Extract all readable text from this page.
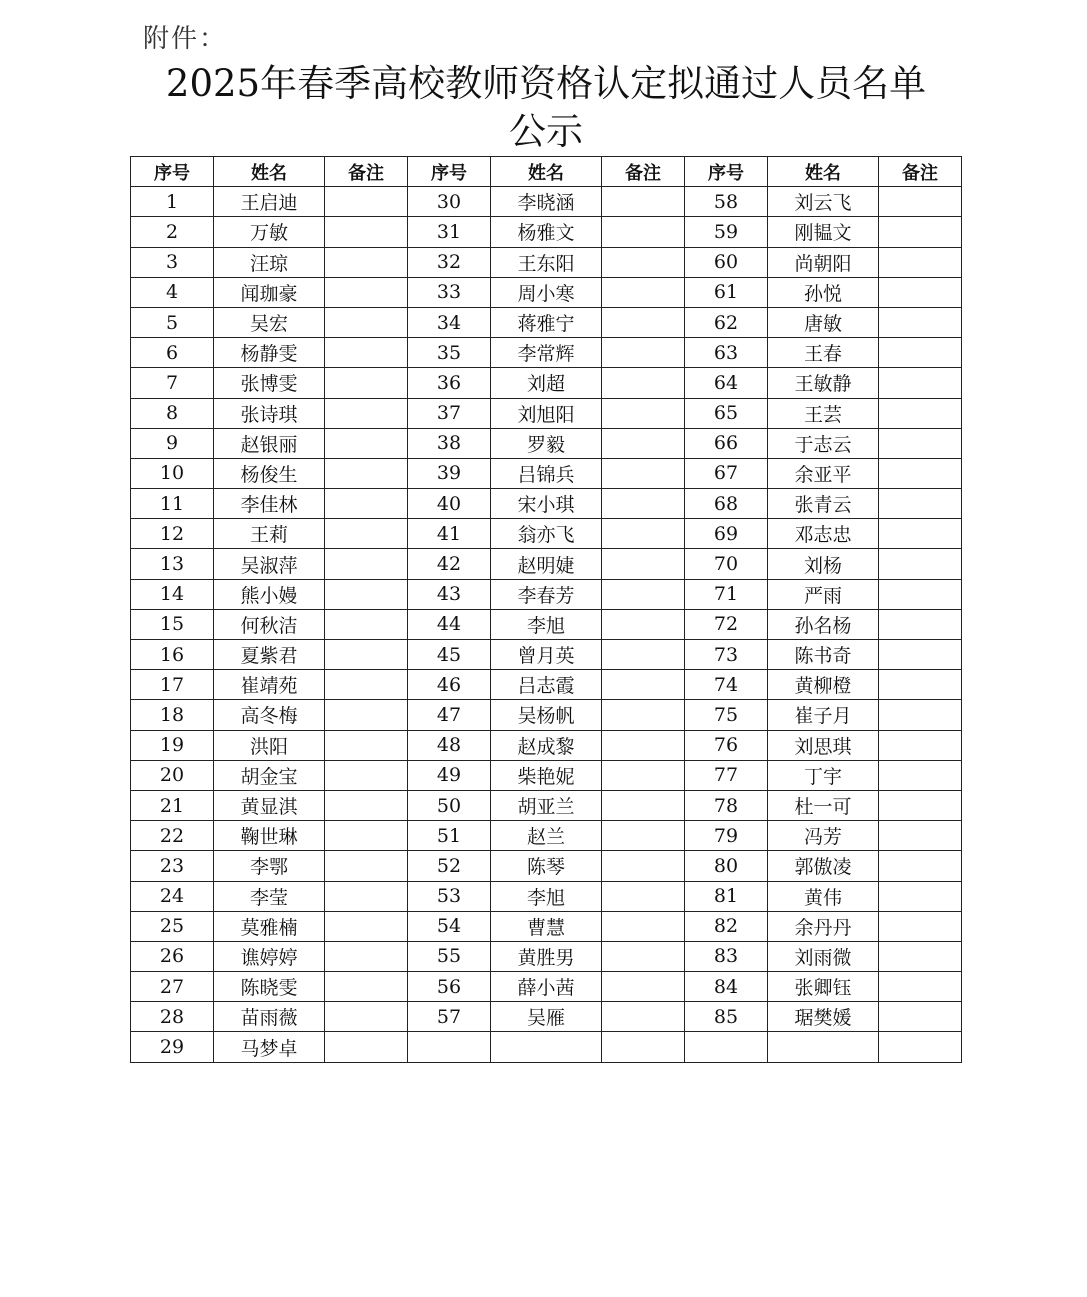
附件：
2025年春季高校教师资格认定拟通过人员名单
公示
序号	姓名	备注	序号	姓名	备注	序号	姓名	备注
1	王启迪		30	李晓涵		58	刘云飞	
2	万敏		31	杨雅文		59	刚韫文	
3	汪琼		32	王东阳		60	尚朝阳	
4	闻珈豪		33	周小寒		61	孙悦	
5	吴宏		34	蒋雅宁		62	唐敏	
6	杨静雯		35	李常辉		63	王春	
7	张博雯		36	刘超		64	王敏静	
8	张诗琪		37	刘旭阳		65	王芸	
9	赵银丽		38	罗毅		66	于志云	
10	杨俊生		39	吕锦兵		67	余亚平	
11	李佳林		40	宋小琪		68	张青云	
12	王莉		41	翁亦飞		69	邓志忠	
13	吴淑萍		42	赵明婕		70	刘杨	
14	熊小嫚		43	李春芳		71	严雨	
15	何秋洁		44	李旭		72	孙名杨	
16	夏紫君		45	曾月英		73	陈书奇	
17	崔靖苑		46	吕志霞		74	黄柳橙	
18	高冬梅		47	吴杨帆		75	崔子月	
19	洪阳		48	赵成黎		76	刘思琪	
20	胡金宝		49	柴艳妮		77	丁宇	
21	黄显淇		50	胡亚兰		78	杜一可	
22	鞠世琳		51	赵兰		79	冯芳	
23	李鄂		52	陈琴		80	郭傲凌	
24	李莹		53	李旭		81	黄伟	
25	莫雅楠		54	曹慧		82	余丹丹	
26	谯婷婷		55	黄胜男		83	刘雨微	
27	陈晓雯		56	薛小茜		84	张卿钰	
28	苗雨薇		57	吴雁		85	琚樊媛	
29	马梦卓							
